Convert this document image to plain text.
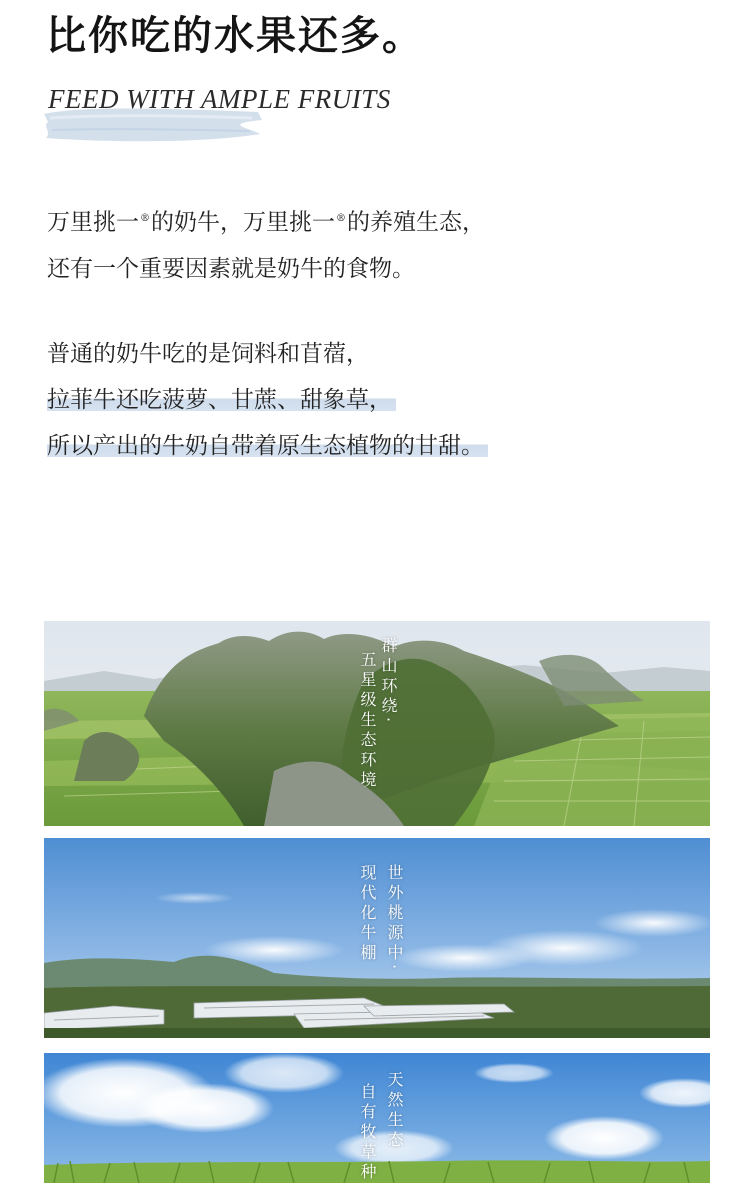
比你吃的水果还多。

FEED WITH AMPLE FRUITS

万里挑一®的奶牛，万里挑一®的养殖生态，
还有一个重要因素就是奶牛的食物。

普通的奶牛吃的是饲料和苜蓿，
拉菲牛还吃菠萝、甘蔗、甜象草，
所以产出的牛奶自带着原生态植物的甘甜。

群山环绕·
五星级生态环境
世外桃源中·
现代化牛棚
天然生态
自有牧草种
